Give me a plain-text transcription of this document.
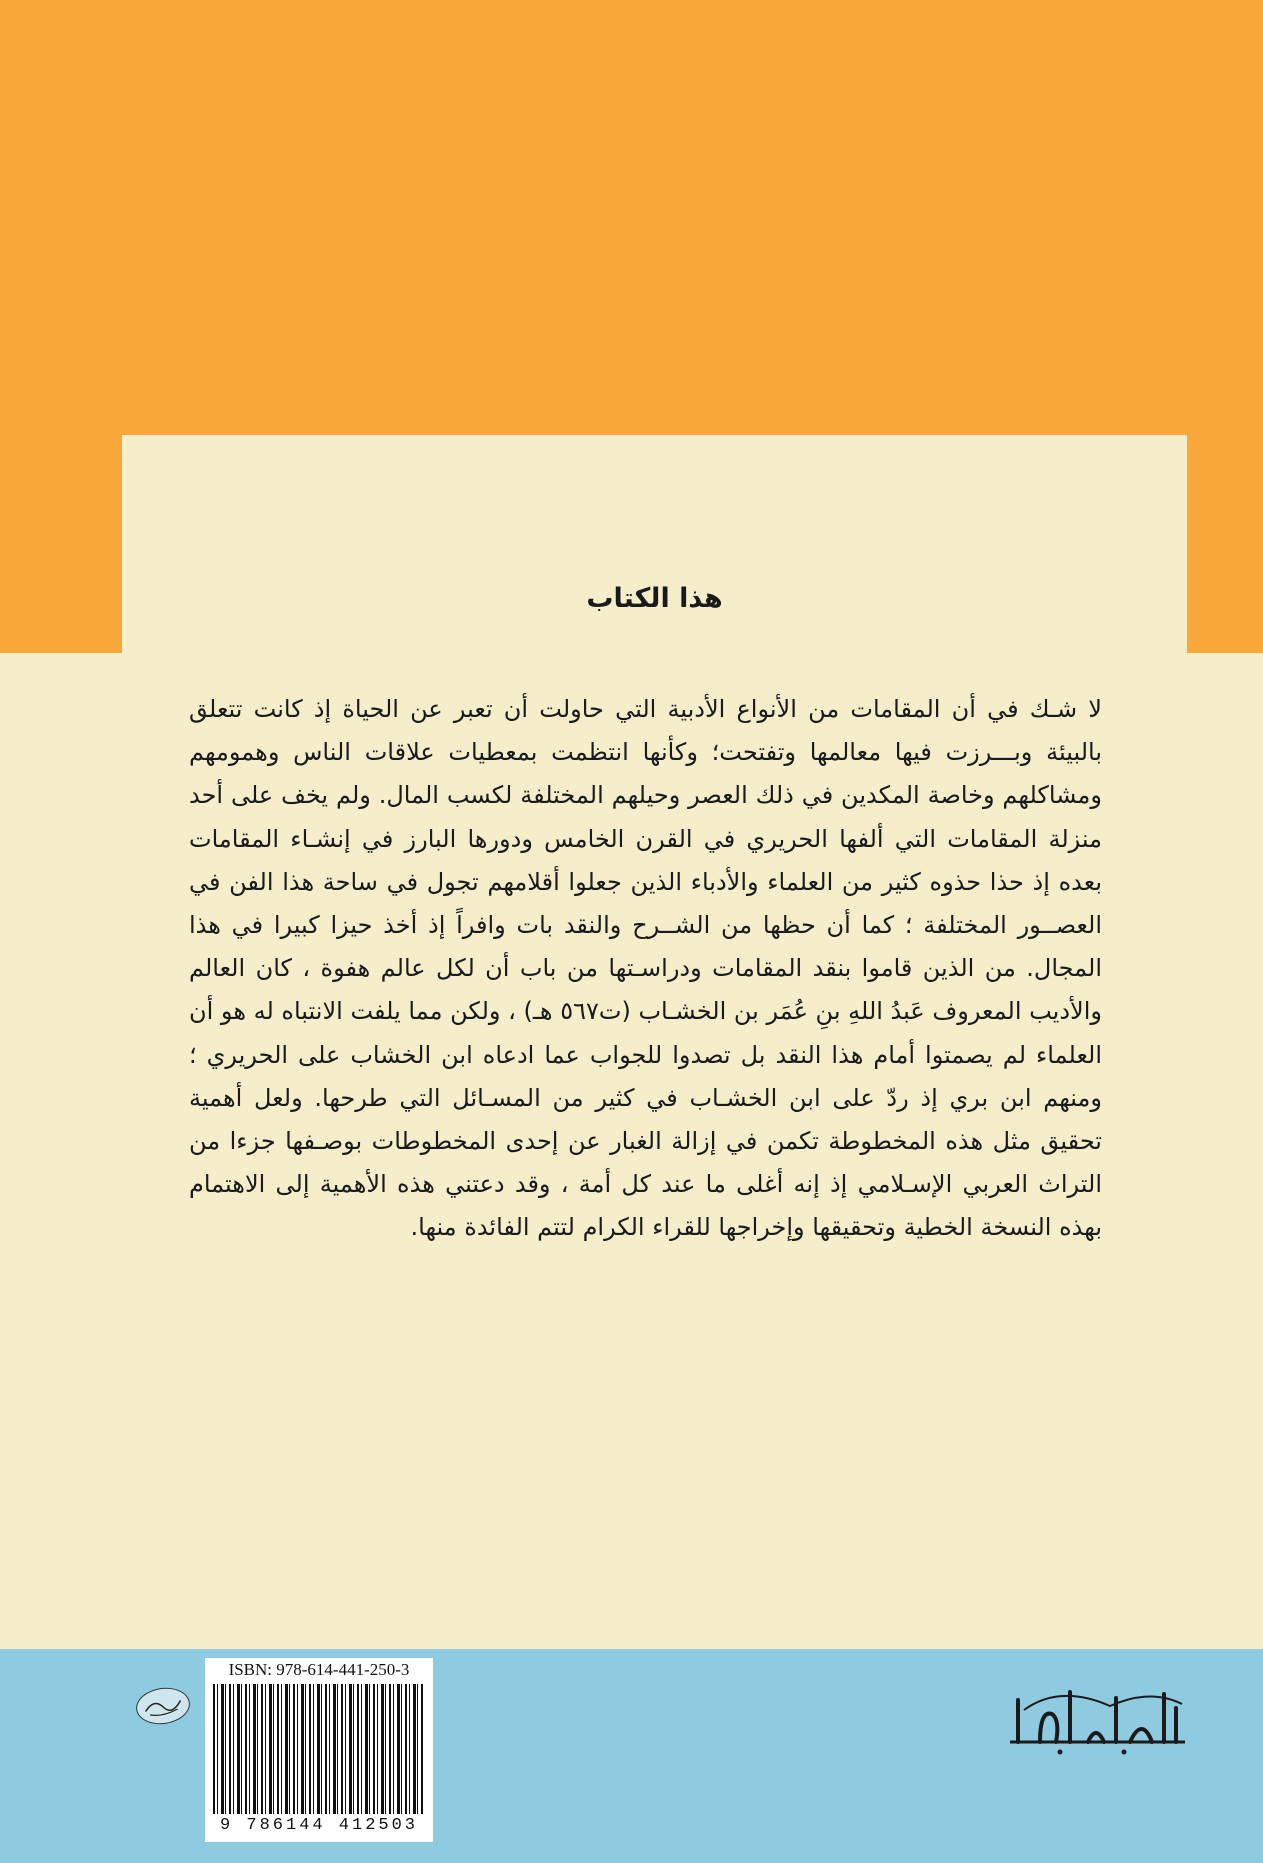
هذا الكتاب

لا شـك في أن المقامات من الأنواع الأدبية التي حاولت أن تعبر عن الحياة إذ كانت تتعلق بالبيئة وبـــرزت فيها معالمها وتفتحت؛ وكأنها انتظمت بمعطيات علاقات الناس وهمومهم ومشاكلهم وخاصة المكدين في ذلك العصر وحيلهم المختلفة لكسب المال. ولم يخف على أحد منزلة المقامات التي ألفها الحريري في القرن الخامس ودورها البارز في إنشـاء المقامات بعده إذ حذا حذوه كثير من العلماء والأدباء الذين جعلوا أقلامهم تجول في ساحة هذا الفن في العصــور المختلفة ؛ كما أن حظها من الشــرح والنقد بات وافراً إذ أخذ حيزا كبيرا في هذا المجال. من الذين قاموا بنقد المقامات ودراسـتها من باب أن لكل عالم هفوة ، كان العالم والأديب المعروف عَبدُ اللهِ بنِ عُمَر بن الخشـاب (ت٥٦٧ هـ) ، ولكن مما يلفت الانتباه له هو أن العلماء لم يصمتوا أمام هذا النقد بل تصدوا للجواب عما ادعاه ابن الخشاب على الحريري ؛ ومنهم ابن بري إذ ردّ على ابن الخشـاب في كثير من المسـائل التي طرحها. ولعل أهمية تحقيق مثل هذه المخطوطة تكمن في إزالة الغبار عن إحدى المخطوطات بوصـفها جزءا من التراث العربي الإسـلامي إذ إنه أغلى ما عند كل أمة ، وقد دعتني هذه الأهمية إلى الاهتمام بهذه النسخة الخطية وتحقيقها وإخراجها للقراء الكرام لتتم الفائدة منها.

ISBN: 978-614-441-250-3
9 786144 412503
